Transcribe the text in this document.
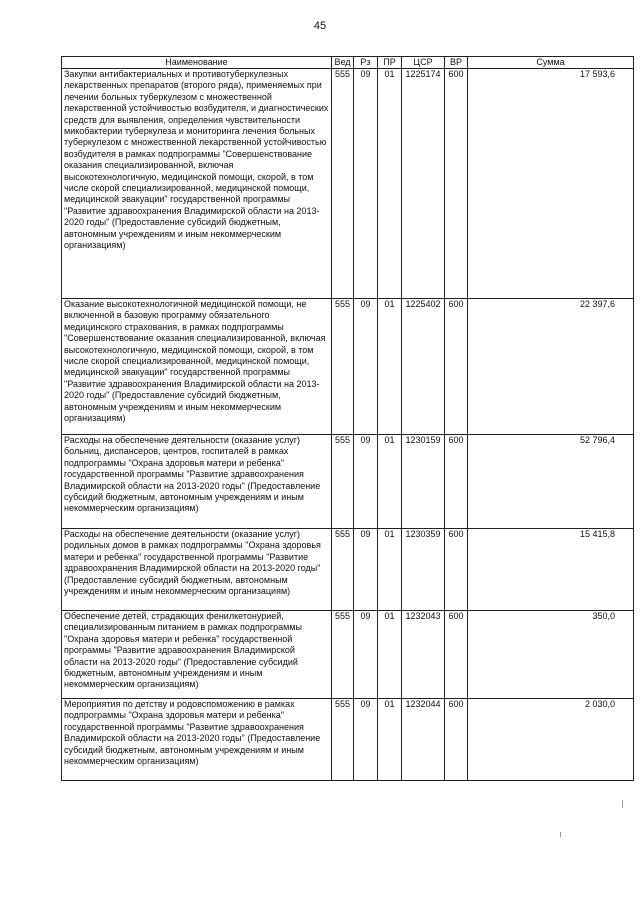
45
Наименование	Вед	Рз	ПР	ЦСР	ВР	Сумма
Закупки антибактериальных и противотуберкулезных лекарственных препаратов (второго ряда), применяемых при лечении больных туберкулезом с множественной лекарственной устойчивостью возбудителя, и диагностических средств для выявления, определения чувствительности микобактерии туберкулеза и мониторинга лечения больных туберкулезом с множественной лекарственной устойчивостью возбудителя в рамках подпрограммы "Совершенствование оказания специализированной, включая высокотехнологичную, медицинской помощи, скорой, в том числе скорой специализированной, медицинской помощи, медицинской эвакуации" государственной программы "Развитие здравоохранения Владимирской области на 2013-2020 годы" (Предоставление субсидий бюджетным, автономным учреждениям и иным некоммерческим организациям)	555	09	01	1225174	600	17 593,6
Оказание высокотехнологичной медицинской помощи, не включенной в базовую программу обязательного медицинского страхования, в рамках подпрограммы "Совершенствование оказания специализированной, включая высокотехнологичную, медицинской помощи, скорой, в том числе скорой специализированной, медицинской помощи, медицинской эвакуации" государственной программы "Развитие здравоохранения Владимирской области на 2013-2020 годы" (Предоставление субсидий бюджетным, автономным учреждениям и иным некоммерческим организациям)	555	09	01	1225402	600	22 397,6
Расходы на обеспечение деятельности (оказание услуг) больниц, диспансеров, центров, госпиталей в рамках подпрограммы "Охрана здоровья матери и ребенка" государственной программы "Развитие здравоохранения Владимирской области на 2013-2020 годы" (Предоставление субсидий бюджетным, автономным учреждениям и иным некоммерческим организациям)	555	09	01	1230159	600	52 796,4
Расходы на обеспечение деятельности (оказание услуг) родильных домов в рамках подпрограммы "Охрана здоровья матери и ребенка" государственной программы "Развитие здравоохранения Владимирской области на 2013-2020 годы" (Предоставление субсидий бюджетным, автономным учреждениям и иным некоммерческим организациям)	555	09	01	1230359	600	15 415,8
Обеспечение детей, страдающих фенилкетонурией, специализированным питанием в рамках подпрограммы "Охрана здоровья матери и ребенка" государственной программы "Развитие здравоохранения Владимирской области на 2013-2020 годы" (Предоставление субсидий бюджетным, автономным учреждениям и иным некоммерческим организациям)	555	09	01	1232043	600	350,0
Мероприятия по детству и родовспоможению в рамках подпрограммы "Охрана здоровья матери и ребенка" государственной программы "Развитие здравоохранения Владимирской области на 2013-2020 годы" (Предоставление субсидий бюджетным, автономным учреждениям и иным некоммерческим организациям)	555	09	01	1232044	600	2 030,0
